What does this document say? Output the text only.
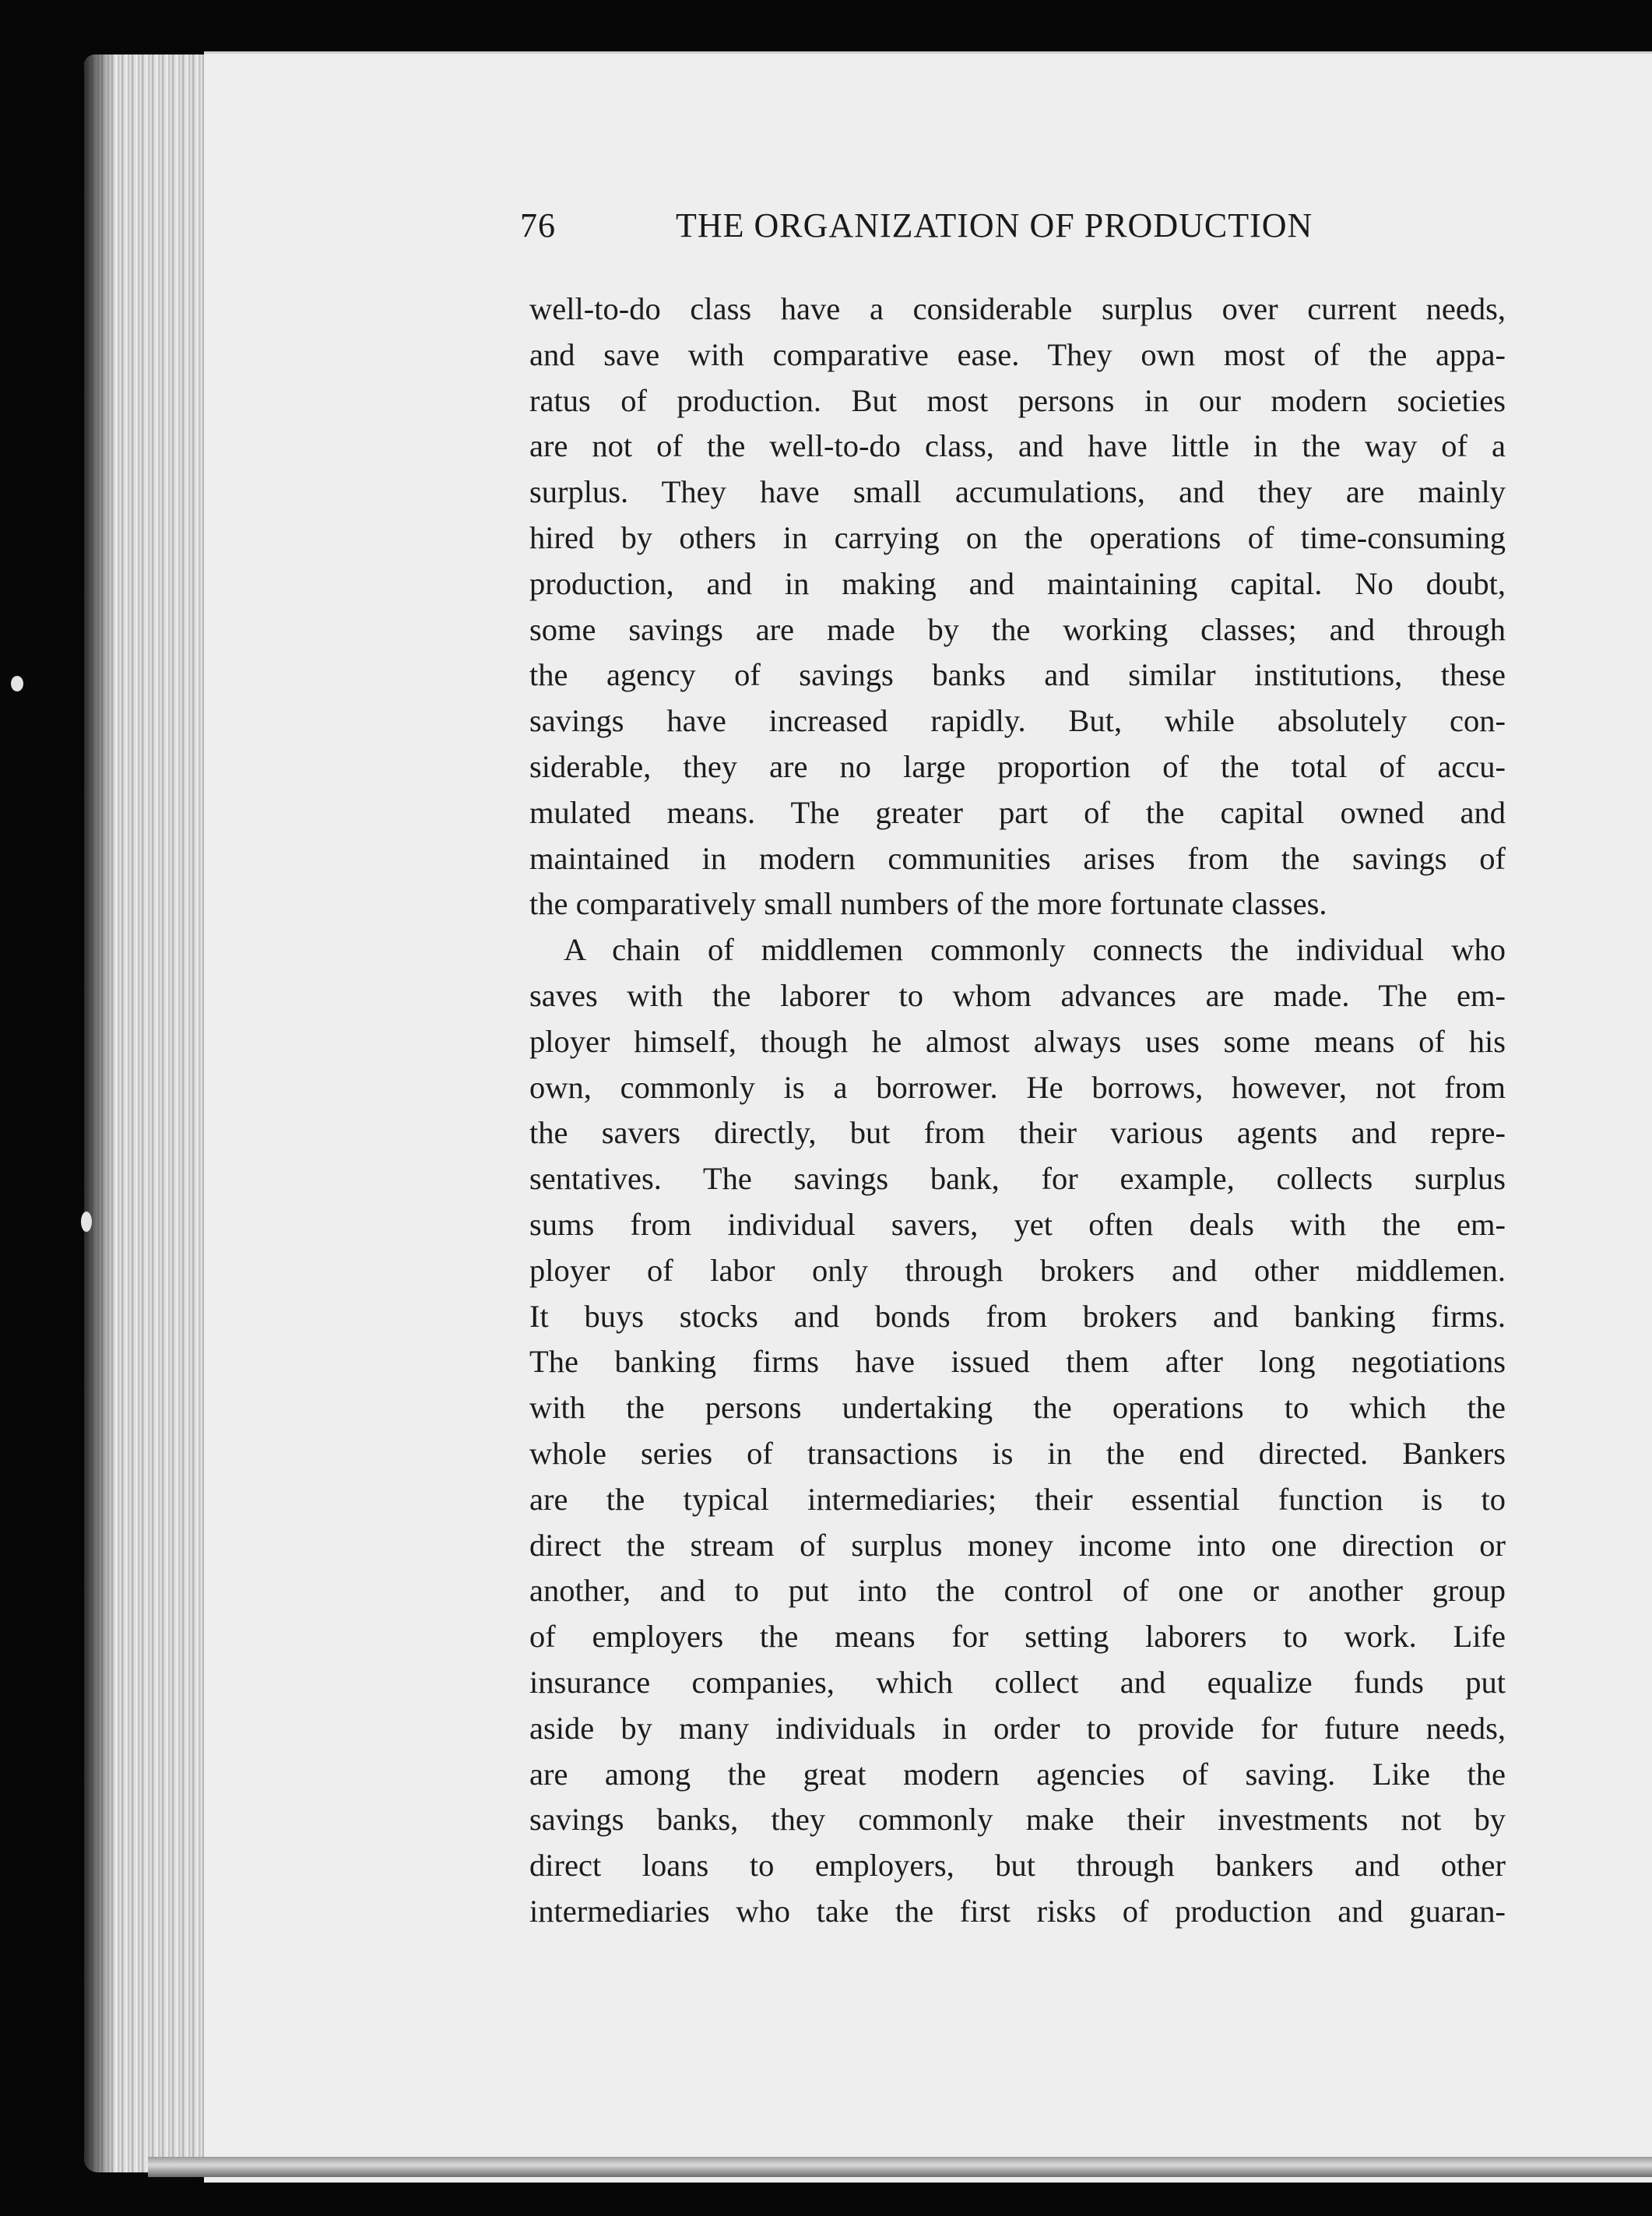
76	THE ORGANIZATION OF PRODUCTION
well-to-do class have a considerable surplus over current needs,
and save with comparative ease. They own most of the appa-
ratus of production. But most persons in our modern societies
are not of the well-to-do class, and have little in the way of a
surplus. They have small accumulations, and they are mainly
hired by others in carrying on the operations of time-consuming
production, and in making and maintaining capital. No doubt,
some savings are made by the working classes; and through
the agency of savings banks and similar institutions, these
savings have increased rapidly. But, while absolutely con-
siderable, they are no large proportion of the total of accu-
mulated means. The greater part of the capital owned and
maintained in modern communities arises from the savings of
the comparatively small numbers of the more fortunate classes.
A chain of middlemen commonly connects the individual who
saves with the laborer to whom advances are made. The em-
ployer himself, though he almost always uses some means of his
own, commonly is a borrower. He borrows, however, not from
the savers directly, but from their various agents and repre-
sentatives. The savings bank, for example, collects surplus
sums from individual savers, yet often deals with the em-
ployer of labor only through brokers and other middlemen.
It buys stocks and bonds from brokers and banking firms.
The banking firms have issued them after long negotiations
with the persons undertaking the operations to which the
whole series of transactions is in the end directed. Bankers
are the typical intermediaries; their essential function is to
direct the stream of surplus money income into one direction or
another, and to put into the control of one or another group
of employers the means for setting laborers to work. Life
insurance companies, which collect and equalize funds put
aside by many individuals in order to provide for future needs,
are among the great modern agencies of saving. Like the
savings banks, they commonly make their investments not by
direct loans to employers, but through bankers and other
intermediaries who take the first risks of production and guaran-
